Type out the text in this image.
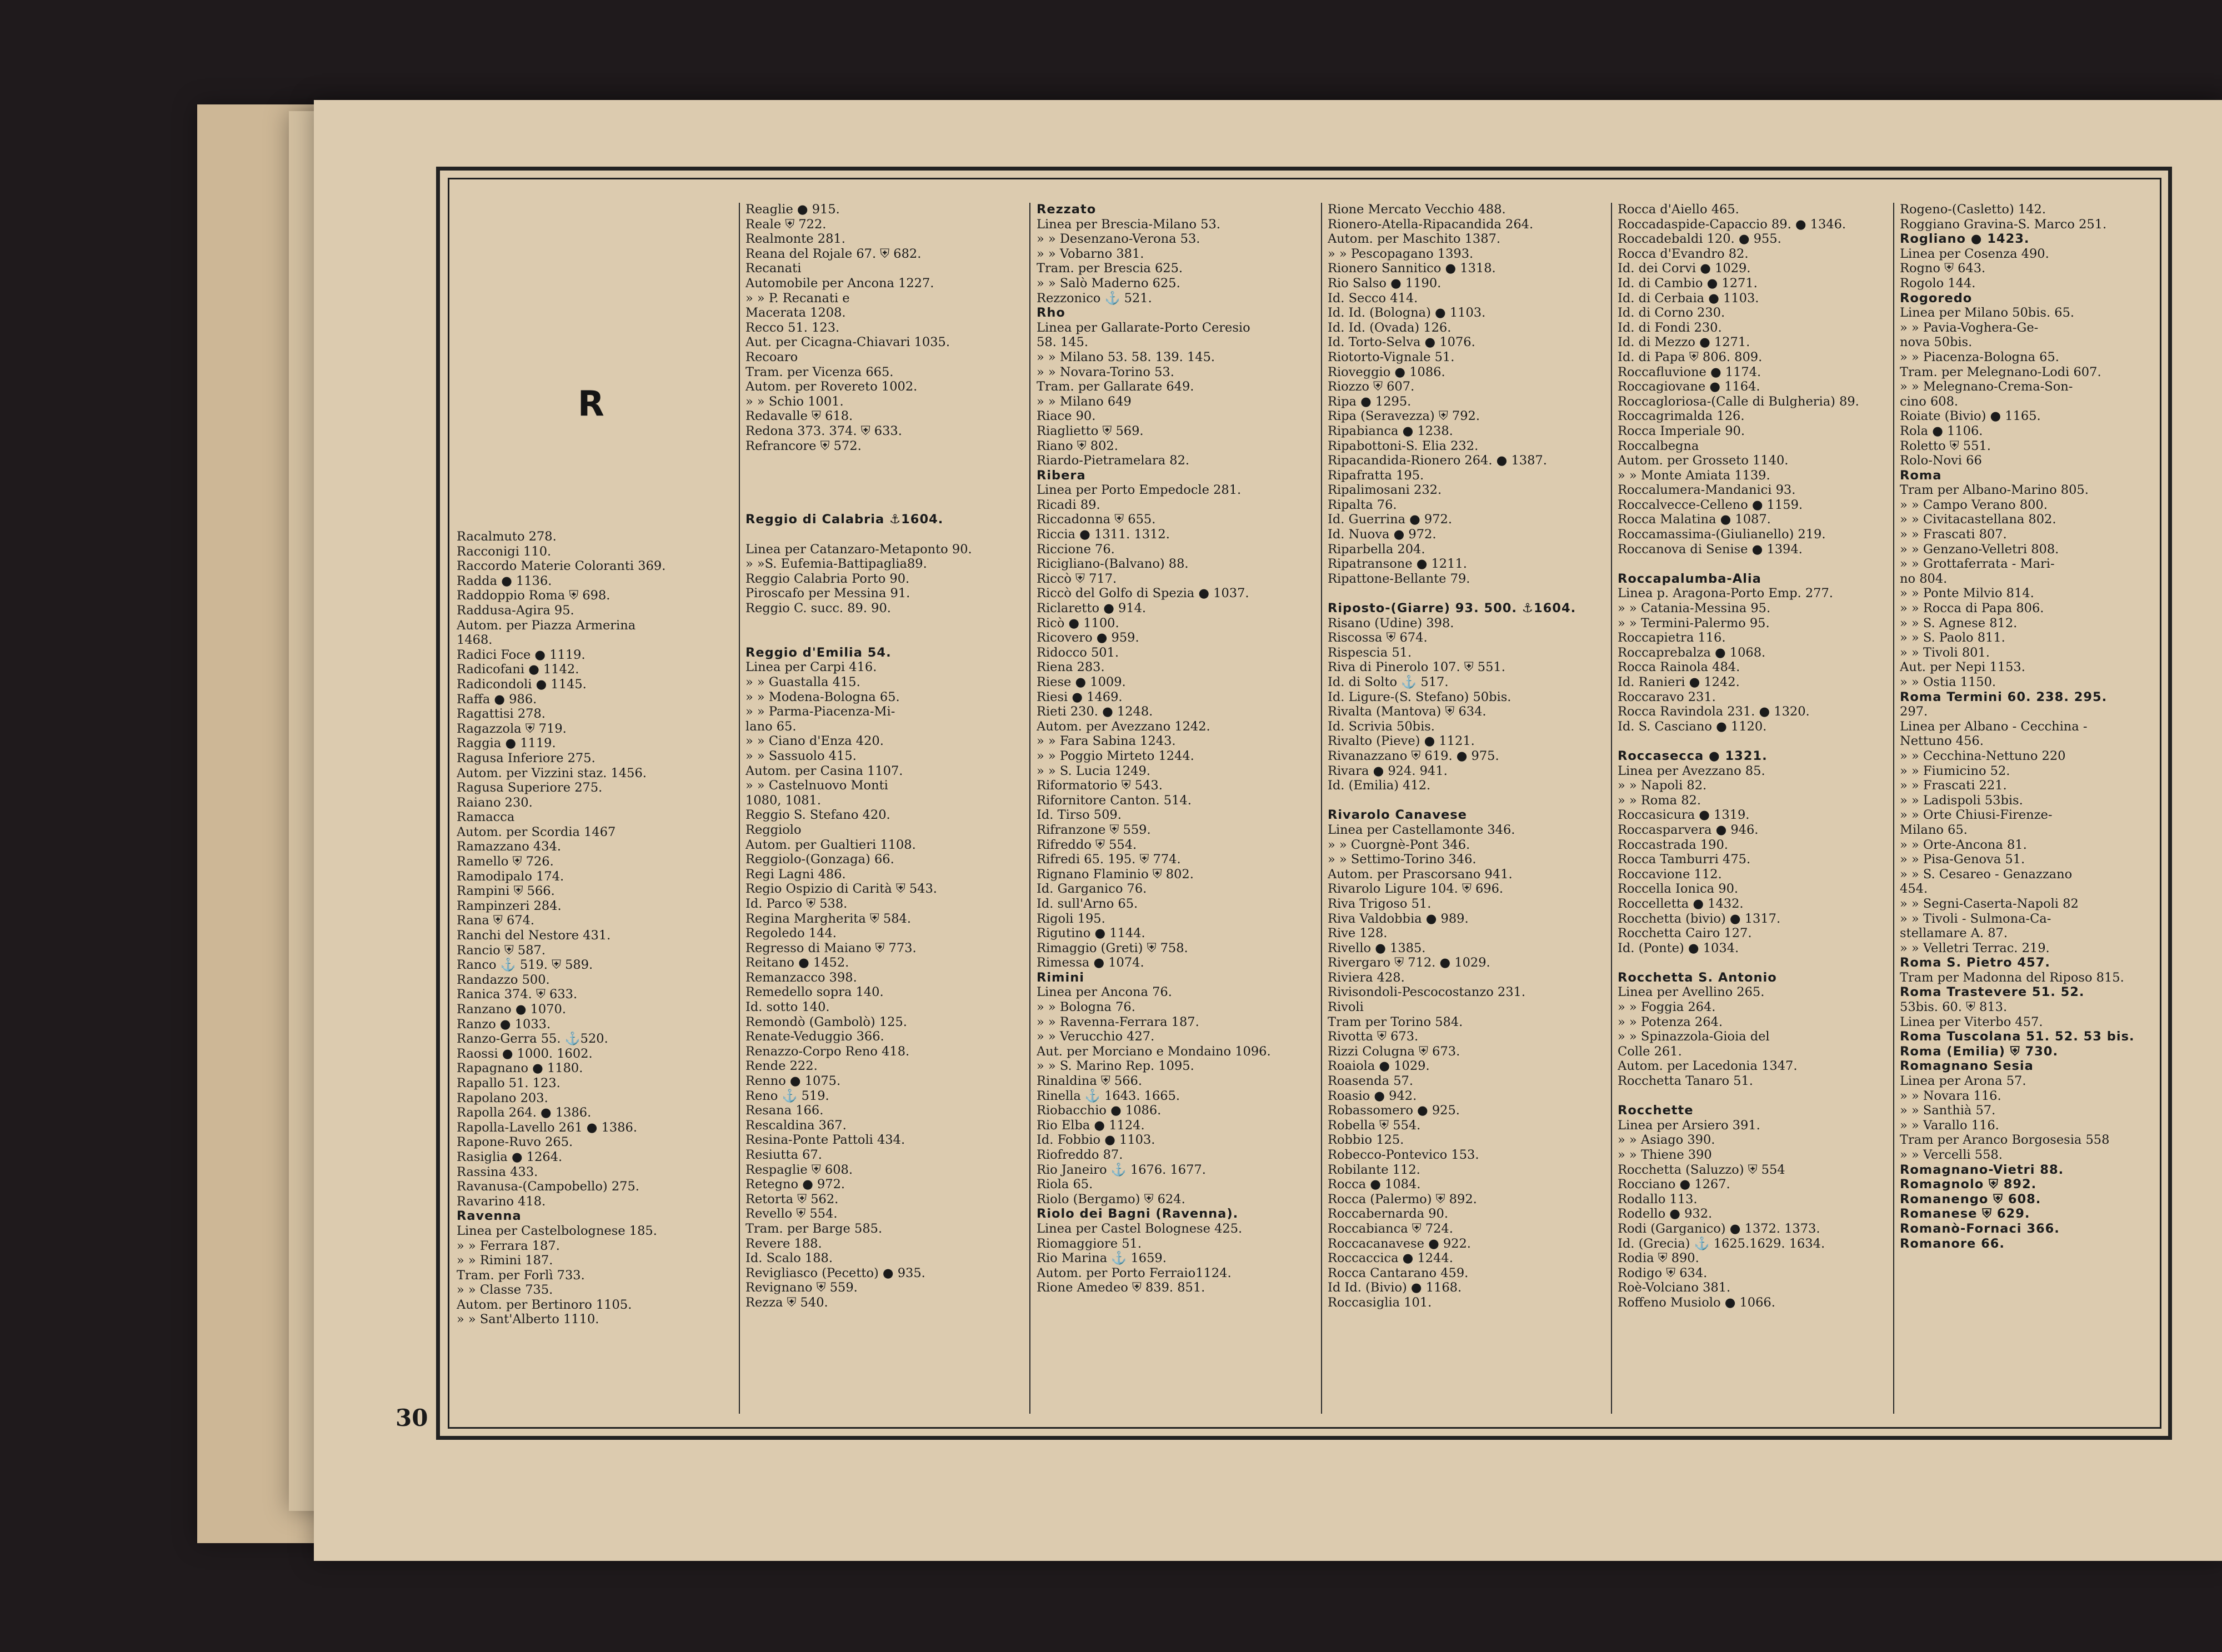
R
30
Racalmuto 278.
Racconigi 110.
Raccordo Materie Coloranti 369.
Radda ● 1136.
Raddoppio Roma ⛨ 698.
Raddusa-Agira 95.
Autom. per Piazza Armerina
1468.
Radici Foce ● 1119.
Radicofani ● 1142.
Radicondoli ● 1145.
Raffa ● 986.
Ragattisi 278.
Ragazzola ⛨ 719.
Raggia ● 1119.
Ragusa Inferiore 275.
Autom. per Vizzini staz. 1456.
Ragusa Superiore 275.
Raiano 230.
Ramacca
Autom. per Scordia 1467
Ramazzano 434.
Ramello ⛨ 726.
Ramodipalo 174.
Rampini ⛨ 566.
Rampinzeri 284.
Rana ⛨ 674.
Ranchi del Nestore 431.
Rancio ⛨ 587.
Ranco ⚓ 519. ⛨ 589.
Randazzo 500.
Ranica 374. ⛨ 633.
Ranzano ● 1070.
Ranzo ● 1033.
Ranzo-Gerra 55. ⚓520.
Raossi ● 1000. 1602.
Rapagnano ● 1180.
Rapallo 51. 123.
Rapolano 203.
Rapolla 264. ● 1386.
Rapolla-Lavello 261 ● 1386.
Rapone-Ruvo 265.
Rasiglia ● 1264.
Rassina 433.
Ravanusa-(Campobello) 275.
Ravarino 418.
Ravenna
Linea per Castelbolognese 185.
» » Ferrara 187.
» » Rimini 187.
Tram. per Forlì 733.
» » Classe 735.
Autom. per Bertinoro 1105.
» » Sant'Alberto 1110.
Reaglie ● 915.
Reale ⛨ 722.
Realmonte 281.
Reana del Rojale 67. ⛨ 682.
Recanati
Automobile per Ancona 1227.
» » P. Recanati e
Macerata 1208.
Recco 51. 123.
Aut. per Cicagna-Chiavari 1035.
Recoaro
Tram. per Vicenza 665.
Autom. per Rovereto 1002.
» » Schio 1001.
Redavalle ⛨ 618.
Redona 373. 374. ⛨ 633.
Refrancore ⛨ 572.
Reggio di Calabria ⚓1604.
Linea per Catanzaro-Metaponto 90.
» »S. Eufemia-Battipaglia89.
Reggio Calabria Porto 90.
Piroscafo per Messina 91.
Reggio C. succ. 89. 90.
Reggio d'Emilia 54.
Linea per Carpi 416.
» » Guastalla 415.
» » Modena-Bologna 65.
» » Parma-Piacenza-Mi-
lano 65.
» » Ciano d'Enza 420.
» » Sassuolo 415.
Autom. per Casina 1107.
» » Castelnuovo Monti
1080, 1081.
Reggio S. Stefano 420.
Reggiolo
Autom. per Gualtieri 1108.
Reggiolo-(Gonzaga) 66.
Regi Lagni 486.
Regio Ospizio di Carità ⛨ 543.
Id. Parco ⛨ 538.
Regina Margherita ⛨ 584.
Regoledo 144.
Regresso di Maiano ⛨ 773.
Reitano ● 1452.
Remanzacco 398.
Remedello sopra 140.
Id. sotto 140.
Remondò (Gambolò) 125.
Renate-Veduggio 366.
Renazzo-Corpo Reno 418.
Rende 222.
Renno ● 1075.
Reno ⚓ 519.
Resana 166.
Rescaldina 367.
Resina-Ponte Pattoli 434.
Resiutta 67.
Respaglie ⛨ 608.
Retegno ● 972.
Retorta ⛨ 562.
Revello ⛨ 554.
Tram. per Barge 585.
Revere 188.
Id. Scalo 188.
Revigliasco (Pecetto) ● 935.
Revignano ⛨ 559.
Rezza ⛨ 540.
Rezzato
Linea per Brescia-Milano 53.
» » Desenzano-Verona 53.
» » Vobarno 381.
Tram. per Brescia 625.
» » Salò Maderno 625.
Rezzonico ⚓ 521.
Rho
Linea per Gallarate-Porto Ceresio
58. 145.
» » Milano 53. 58. 139. 145.
» » Novara-Torino 53.
Tram. per Gallarate 649.
» » Milano 649
Riace 90.
Riaglietto ⛨ 569.
Riano ⛨ 802.
Riardo-Pietramelara 82.
Ribera
Linea per Porto Empedocle 281.
Ricadi 89.
Riccadonna ⛨ 655.
Riccia ● 1311. 1312.
Riccione 76.
Ricigliano-(Balvano) 88.
Riccò ⛨ 717.
Riccò del Golfo di Spezia ● 1037.
Riclaretto ● 914.
Ricò ● 1100.
Ricovero ● 959.
Ridocco 501.
Riena 283.
Riese ● 1009.
Riesi ● 1469.
Rieti 230. ● 1248.
Autom. per Avezzano 1242.
» » Fara Sabina 1243.
» » Poggio Mirteto 1244.
» » S. Lucia 1249.
Riformatorio ⛨ 543.
Rifornitore Canton. 514.
Id. Tirso 509.
Rifranzone ⛨ 559.
Rifreddo ⛨ 554.
Rifredi 65. 195. ⛨ 774.
Rignano Flaminio ⛨ 802.
Id. Garganico 76.
Id. sull'Arno 65.
Rigoli 195.
Rigutino ● 1144.
Rimaggio (Greti) ⛨ 758.
Rimessa ● 1074.
Rimini
Linea per Ancona 76.
» » Bologna 76.
» » Ravenna-Ferrara 187.
» » Verucchio 427.
Aut. per Morciano e Mondaino 1096.
» » S. Marino Rep. 1095.
Rinaldina ⛨ 566.
Rinella ⚓ 1643. 1665.
Riobacchio ● 1086.
Rio Elba ● 1124.
Id. Fobbio ● 1103.
Riofreddo 87.
Rio Janeiro ⚓ 1676. 1677.
Riola 65.
Riolo (Bergamo) ⛨ 624.
Riolo dei Bagni (Ravenna).
Linea per Castel Bolognese 425.
Riomaggiore 51.
Rio Marina ⚓ 1659.
Autom. per Porto Ferraio1124.
Rione Amedeo ⛨ 839. 851.
Rione Mercato Vecchio 488.
Rionero-Atella-Ripacandida 264.
Autom. per Maschito 1387.
» » Pescopagano 1393.
Rionero Sannitico ● 1318.
Rio Salso ● 1190.
Id. Secco 414.
Id. Id. (Bologna) ● 1103.
Id. Id. (Ovada) 126.
Id. Torto-Selva ● 1076.
Riotorto-Vignale 51.
Rioveggio ● 1086.
Riozzo ⛨ 607.
Ripa ● 1295.
Ripa (Seravezza) ⛨ 792.
Ripabianca ● 1238.
Ripabottoni-S. Elia 232.
Ripacandida-Rionero 264. ● 1387.
Ripafratta 195.
Ripalimosani 232.
Ripalta 76.
Id. Guerrina ● 972.
Id. Nuova ● 972.
Riparbella 204.
Ripatransone ● 1211.
Ripattone-Bellante 79.
Riposto-(Giarre) 93. 500. ⚓1604.
Risano (Udine) 398.
Riscossa ⛨ 674.
Rispescia 51.
Riva di Pinerolo 107. ⛨ 551.
Id. di Solto ⚓ 517.
Id. Ligure-(S. Stefano) 50bis.
Rivalta (Mantova) ⛨ 634.
Id. Scrivia 50bis.
Rivalto (Pieve) ● 1121.
Rivanazzano ⛨ 619. ● 975.
Rivara ● 924. 941.
Id. (Emilia) 412.
Rivarolo Canavese
Linea per Castellamonte 346.
» » Cuorgnè-Pont 346.
» » Settimo-Torino 346.
Autom. per Prascorsano 941.
Rivarolo Ligure 104. ⛨ 696.
Riva Trigoso 51.
Riva Valdobbia ● 989.
Rive 128.
Rivello ● 1385.
Rivergaro ⛨ 712. ● 1029.
Riviera 428.
Rivisondoli-Pescocostanzo 231.
Rivoli
Tram per Torino 584.
Rivotta ⛨ 673.
Rizzi Colugna ⛨ 673.
Roaiola ● 1029.
Roasenda 57.
Roasio ● 942.
Robassomero ● 925.
Robella ⛨ 554.
Robbio 125.
Robecco-Pontevico 153.
Robilante 112.
Rocca ● 1084.
Rocca (Palermo) ⛨ 892.
Roccabernarda 90.
Roccabianca ⛨ 724.
Roccacanavese ● 922.
Roccaccica ● 1244.
Rocca Cantarano 459.
Id Id. (Bivio) ● 1168.
Roccasiglia 101.
Rocca d'Aiello 465.
Roccadaspide-Capaccio 89. ● 1346.
Roccadebaldi 120. ● 955.
Rocca d'Evandro 82.
Id. dei Corvi ● 1029.
Id. di Cambio ● 1271.
Id. di Cerbaia ● 1103.
Id. di Corno 230.
Id. di Fondi 230.
Id. di Mezzo ● 1271.
Id. di Papa ⛨ 806. 809.
Roccafluvione ● 1174.
Roccagiovane ● 1164.
Roccagloriosa-(Calle di Bulgheria) 89.
Roccagrimalda 126.
Rocca Imperiale 90.
Roccalbegna
Autom. per Grosseto 1140.
» » Monte Amiata 1139.
Roccalumera-Mandanici 93.
Roccalvecce-Celleno ● 1159.
Rocca Malatina ● 1087.
Roccamassima-(Giulianello) 219.
Roccanova di Senise ● 1394.
Roccapalumba-Alia
Linea p. Aragona-Porto Emp. 277.
» » Catania-Messina 95.
» » Termini-Palermo 95.
Roccapietra 116.
Roccaprebalza ● 1068.
Rocca Rainola 484.
Id. Ranieri ● 1242.
Roccaravo 231.
Rocca Ravindola 231. ● 1320.
Id. S. Casciano ● 1120.
Roccasecca ● 1321.
Linea per Avezzano 85.
» » Napoli 82.
» » Roma 82.
Roccasicura ● 1319.
Roccasparvera ● 946.
Roccastrada 190.
Rocca Tamburri 475.
Roccavione 112.
Roccella Ionica 90.
Roccelletta ● 1432.
Rocchetta (bivio) ● 1317.
Rocchetta Cairo 127.
Id. (Ponte) ● 1034.
Rocchetta S. Antonio
Linea per Avellino 265.
» » Foggia 264.
» » Potenza 264.
» » Spinazzola-Gioia del
Colle 261.
Autom. per Lacedonia 1347.
Rocchetta Tanaro 51.
Rocchette
Linea per Arsiero 391.
» » Asiago 390.
» » Thiene 390
Rocchetta (Saluzzo) ⛨ 554
Rocciano ● 1267.
Rodallo 113.
Rodello ● 932.
Rodi (Garganico) ● 1372. 1373.
Id. (Grecia) ⚓ 1625.1629. 1634.
Rodia ⛨ 890.
Rodigo ⛨ 634.
Roè-Volciano 381.
Roffeno Musiolo ● 1066.
Rogeno-(Casletto) 142.
Roggiano Gravina-S. Marco 251.
Rogliano ● 1423.
Linea per Cosenza 490.
Rogno ⛨ 643.
Rogolo 144.
Rogoredo
Linea per Milano 50bis. 65.
» » Pavia-Voghera-Ge-
nova 50bis.
» » Piacenza-Bologna 65.
Tram. per Melegnano-Lodi 607.
» » Melegnano-Crema-Son-
cino 608.
Roiate (Bivio) ● 1165.
Rola ● 1106.
Roletto ⛨ 551.
Rolo-Novi 66
Roma
Tram per Albano-Marino 805.
» » Campo Verano 800.
» » Civitacastellana 802.
» » Frascati 807.
» » Genzano-Velletri 808.
» » Grottaferrata - Mari-
no 804.
» » Ponte Milvio 814.
» » Rocca di Papa 806.
» » S. Agnese 812.
» » S. Paolo 811.
» » Tivoli 801.
Aut. per Nepi 1153.
» » Ostia 1150.
Roma Termini 60. 238. 295.
297.
Linea per Albano - Cecchina -
Nettuno 456.
» » Cecchina-Nettuno 220
» » Fiumicino 52.
» » Frascati 221.
» » Ladispoli 53bis.
» » Orte Chiusi-Firenze-
Milano 65.
» » Orte-Ancona 81.
» » Pisa-Genova 51.
» » S. Cesareo - Genazzano
454.
» » Segni-Caserta-Napoli 82
» » Tivoli - Sulmona-Ca-
stellamare A. 87.
» » Velletri Terrac. 219.
Roma S. Pietro 457.
Tram per Madonna del Riposo 815.
Roma Trastevere 51. 52.
53bis. 60. ⛨ 813.
Linea per Viterbo 457.
Roma Tuscolana 51. 52. 53 bis.
Roma (Emilia) ⛨ 730.
Romagnano Sesia
Linea per Arona 57.
» » Novara 116.
» » Santhià 57.
» » Varallo 116.
Tram per Aranco Borgosesia 558
» » Vercelli 558.
Romagnano-Vietri 88.
Romagnolo ⛨ 892.
Romanengo ⛨ 608.
Romanese ⛨ 629.
Romanò-Fornaci 366.
Romanore 66.
